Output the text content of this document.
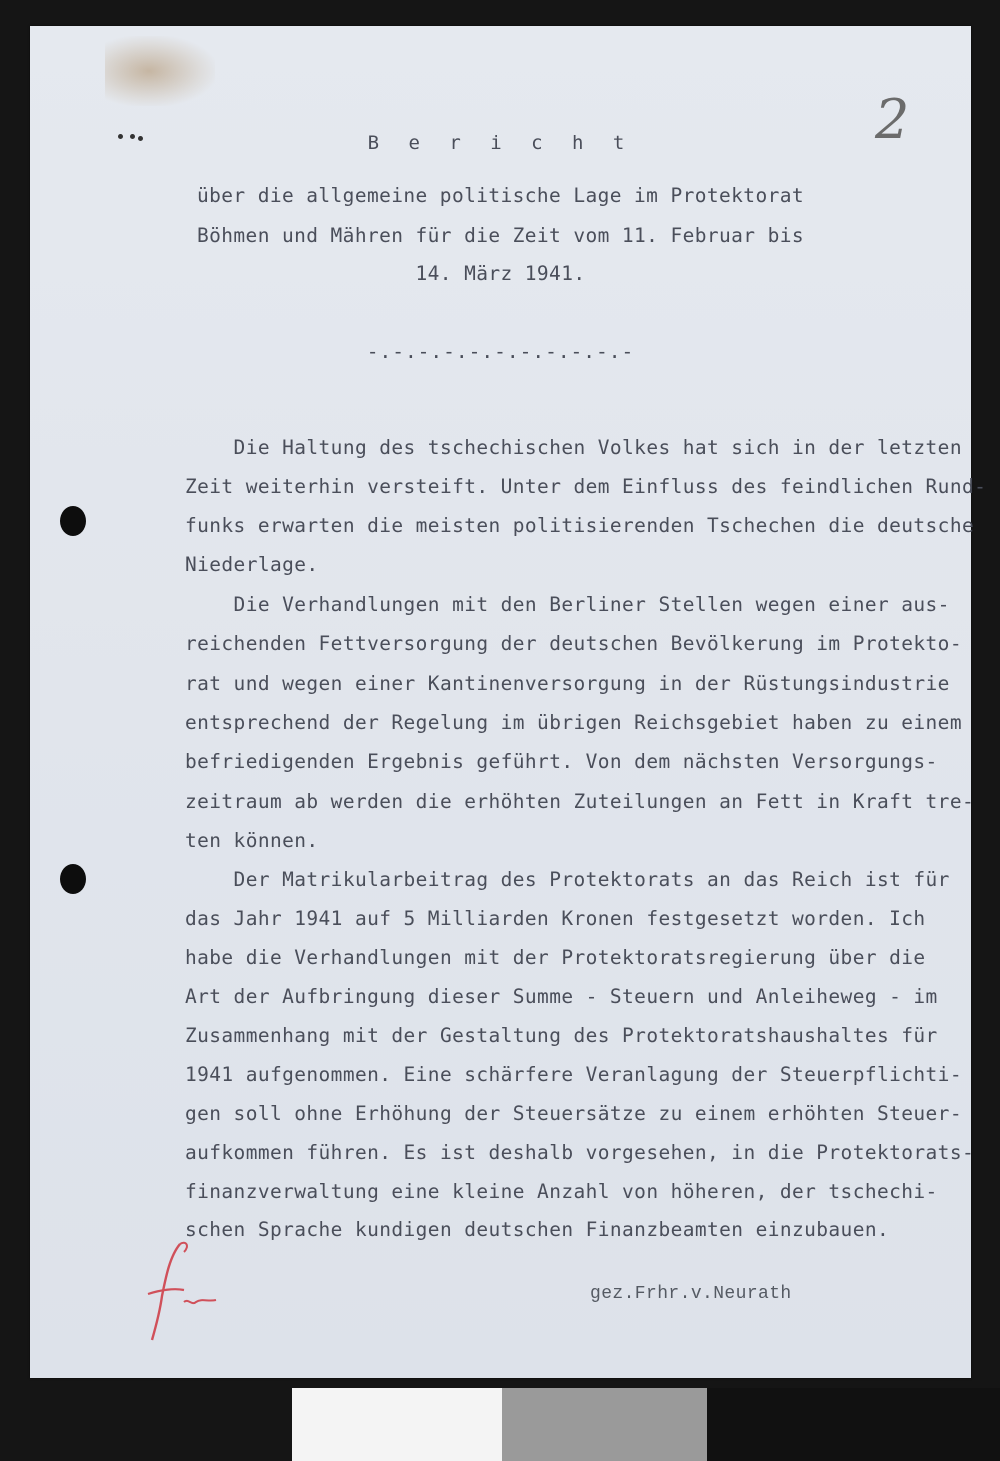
2
B e r i c h t
über die allgemeine politische Lage im Protektorat
Böhmen und Mähren für die Zeit vom 11. Februar bis
14. März 1941.
-.-.-.-.-.-.-.-.-.-.-
Die Haltung des tschechischen Volkes hat sich in der letzten
Zeit weiterhin versteift. Unter dem Einfluss des feindlichen Rund-
funks erwarten die meisten politisierenden Tschechen die deutsche
Niederlage.
Die Verhandlungen mit den Berliner Stellen wegen einer aus-
reichenden Fettversorgung der deutschen Bevölkerung im Protekto-
rat und wegen einer Kantinenversorgung in der Rüstungsindustrie
entsprechend der Regelung im übrigen Reichsgebiet haben zu einem
befriedigenden Ergebnis geführt. Von dem nächsten Versorgungs-
zeitraum ab werden die erhöhten Zuteilungen an Fett in Kraft tre-
ten können.
Der Matrikularbeitrag des Protektorats an das Reich ist für
das Jahr 1941 auf 5 Milliarden Kronen festgesetzt worden. Ich
habe die Verhandlungen mit der Protektoratsregierung über die
Art der Aufbringung dieser Summe - Steuern und Anleiheweg - im
Zusammenhang mit der Gestaltung des Protektoratshaushaltes für
1941 aufgenommen. Eine schärfere Veranlagung der Steuerpflichti-
gen soll ohne Erhöhung der Steuersätze zu einem erhöhten Steuer-
aufkommen führen. Es ist deshalb vorgesehen, in die Protektorats-
finanzverwaltung eine kleine Anzahl von höheren, der tschechi-
schen Sprache kundigen deutschen Finanzbeamten einzubauen.
gez.Frhr.v.Neurath
